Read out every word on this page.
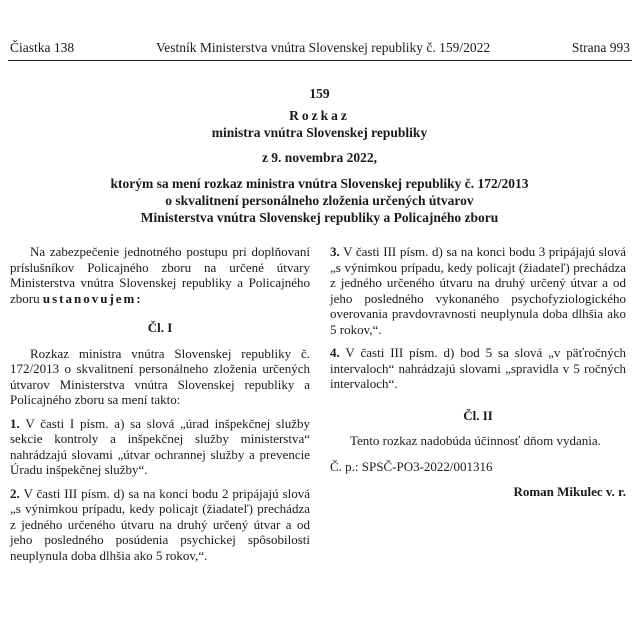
Čiastka 138	Vestník Ministerstva vnútra Slovenskej republiky č. 159/2022	Strana 993
159
Rozkaz
ministra vnútra Slovenskej republiky
z 9. novembra 2022,
ktorým sa mení rozkaz ministra vnútra Slovenskej republiky č. 172/2013
o skvalitnení personálneho zloženia určených útvarov
Ministerstva vnútra Slovenskej republiky a Policajného zboru

Na zabezpečenie jednotného postupu pri doplňovaní príslušníkov Policajného zboru na určené útvary Ministerstva vnútra Slovenskej republiky a Policajného zboru ustanovujem:

Čl. I

Rozkaz ministra vnútra Slovenskej republiky č. 172/2013 o skvalitnení personálneho zloženia určených útvarov Ministerstva vnútra Slovenskej republiky a Policajného zboru sa mení takto:

1. V časti I písm. a) sa slová „úrad inšpekčnej služby sekcie kontroly a inšpekčnej služby ministerstva“ nahrádzajú slovami „útvar ochrannej služby a prevencie Úradu inšpekčnej služby“.

2. V časti III písm. d) sa na konci bodu 2 pripájajú slová „s výnimkou prípadu, kedy policajt (žiadateľ) prechádza z jedného určeného útvaru na druhý určený útvar a od jeho posledného posúdenia psychickej spôsobilosti neuplynula doba dlhšia ako 5 rokov,“.

3. V časti III písm. d) sa na konci bodu 3 pripájajú slová „s výnimkou prípadu, kedy policajt (žiadateľ) prechádza z jedného určeného útvaru na druhý určený útvar a od jeho posledného vykonaného psychofyziologického overovania pravdovravnosti neuplynula doba dlhšia ako 5 rokov,“.

4. V časti III písm. d) bod 5 sa slová „v päťročných intervaloch“ nahrádzajú slovami „spravidla v 5 ročných intervaloch“.

Čl. II

Tento rozkaz nadobúda účinnosť dňom vydania.

Č. p.: SPSČ-PO3-2022/001316

Roman Mikulec v. r.
